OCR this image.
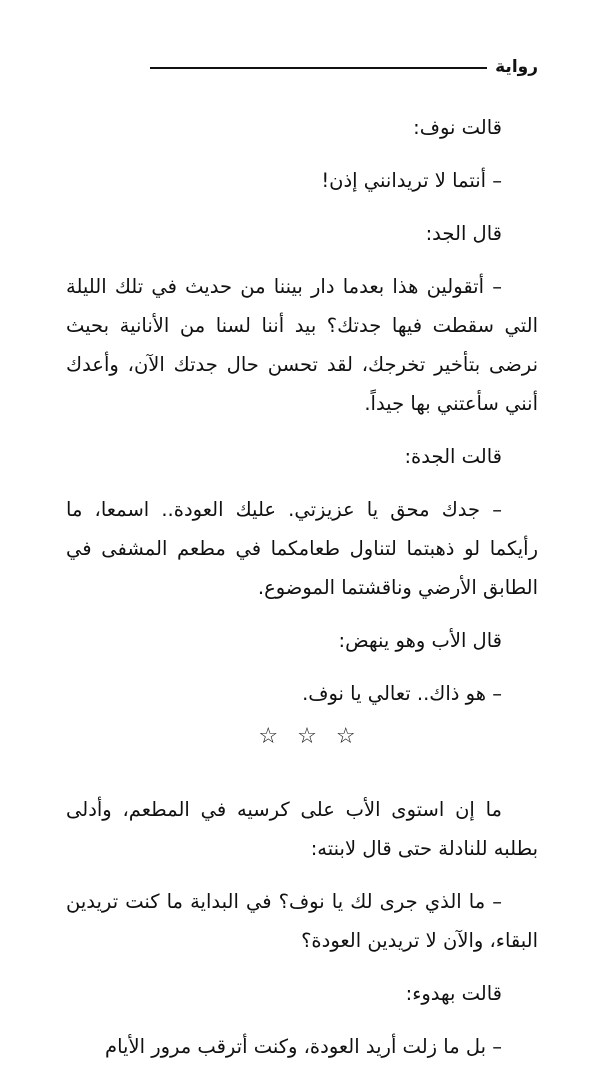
رواية

قالت نوف:

– أنتما لا تريدانني إذن!

قال الجد:

– أتقولين هذا بعدما دار بيننا من حديث في تلك الليلة التي سقطت فيها جدتك؟ بيد أننا لسنا من الأنانية بحيث نرضى بتأخير تخرجك، لقد تحسن حال جدتك الآن، وأعدك أنني سأعتني بها جيداً.

قالت الجدة:

– جدك محق يا عزيزتي. عليك العودة.. اسمعا، ما رأيكما لو ذهبتما لتناول طعامكما في مطعم المشفى في الطابق الأرضي وناقشتما الموضوع.

قال الأب وهو ينهض:

– هو ذاك.. تعالي يا نوف.

☆ ☆ ☆

ما إن استوى الأب على كرسيه في المطعم، وأدلى بطلبه للنادلة حتى قال لابنته:

– ما الذي جرى لك يا نوف؟ في البداية ما كنت تريدين البقاء، والآن لا تريدين العودة؟

قالت بهدوء:

– بل ما زلت أريد العودة، وكنت أترقب مرور الأيام
